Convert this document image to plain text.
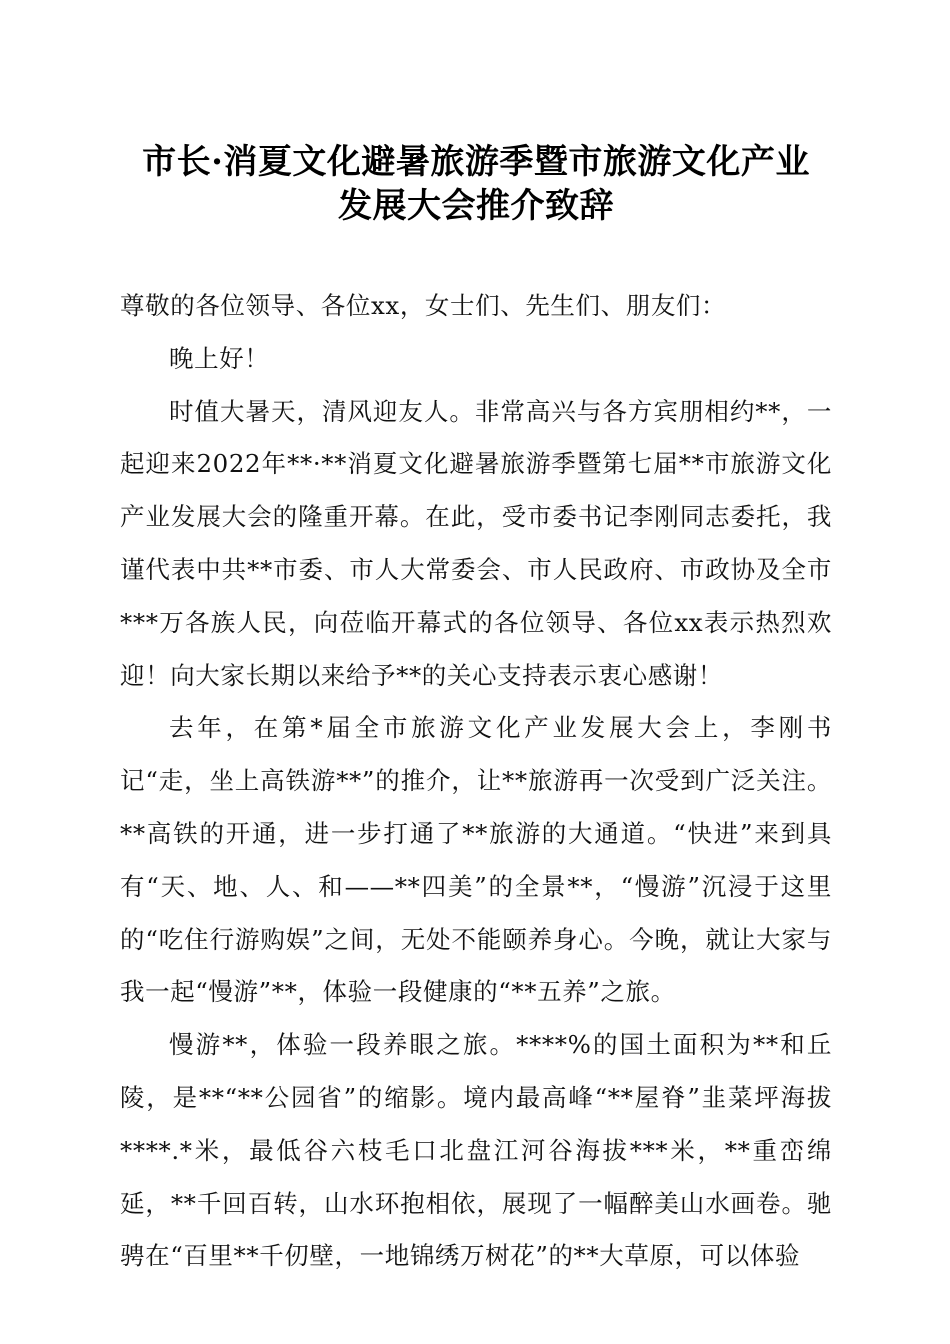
市长·消夏文化避暑旅游季暨市旅游文化产业
发展大会推介致辞

尊敬的各位领导、各位xx，女士们、先生们、朋友们：

晚上好！

时值大暑天，清风迎友人。非常高兴与各方宾朋相约**，一起迎来2022年**·**消夏文化避暑旅游季暨第七届**市旅游文化产业发展大会的隆重开幕。在此，受市委书记李刚同志委托，我谨代表中共**市委、市人大常委会、市人民政府、市政协及全市***万各族人民，向莅临开幕式的各位领导、各位xx表示热烈欢迎！向大家长期以来给予**的关心支持表示衷心感谢！

去年，在第*届全市旅游文化产业发展大会上，李刚书记“走，坐上高铁游**”的推介，让**旅游再一次受到广泛关注。**高铁的开通，进一步打通了**旅游的大通道。“快进”来到具有“天、地、人、和——**四美”的全景**，“慢游”沉浸于这里的“吃住行游购娱”之间，无处不能颐养身心。今晚，就让大家与我一起“慢游”**，体验一段健康的“**五养”之旅。

慢游**，体验一段养眼之旅。****%的国土面积为**和丘陵，是**“**公园省”的缩影。境内最高峰“**屋脊”韭菜坪海拔****.*米，最低谷六枝毛口北盘江河谷海拔***米，**重峦绵延，**千回百转，山水环抱相依，展现了一幅醉美山水画卷。驰骋在“百里**千仞壁，一地锦绣万树花”的**大草原，可以体验
